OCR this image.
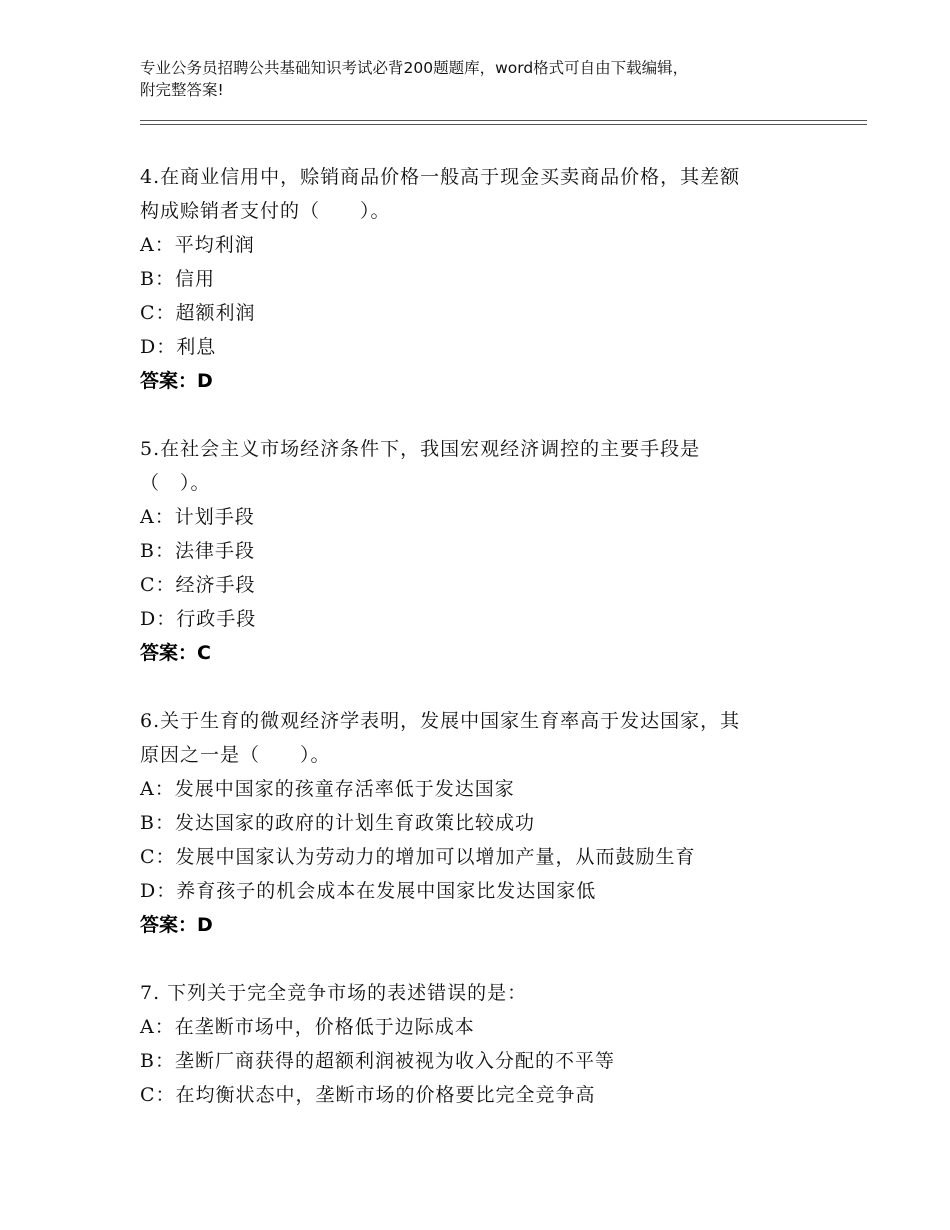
专业公务员招聘公共基础知识考试必背200题题库，word格式可自由下载编辑，
附完整答案!
4.在商业信用中，赊销商品价格一般高于现金买卖商品价格，其差额
构成赊销者支付的（　　）。
A：平均利润
B：信用
C：超额利润
D：利息
答案：D
5.在社会主义市场经济条件下，我国宏观经济调控的主要手段是
（　）。
A：计划手段
B：法律手段
C：经济手段
D：行政手段
答案：C
6.关于生育的微观经济学表明，发展中国家生育率高于发达国家，其
原因之一是（　　）。
A：发展中国家的孩童存活率低于发达国家
B：发达国家的政府的计划生育政策比较成功
C：发展中国家认为劳动力的增加可以增加产量，从而鼓励生育
D：养育孩子的机会成本在发展中国家比发达国家低
答案：D
7. 下列关于完全竞争市场的表述错误的是：
A：在垄断市场中，价格低于边际成本
B：垄断厂商获得的超额利润被视为收入分配的不平等
C：在均衡状态中，垄断市场的价格要比完全竞争高
